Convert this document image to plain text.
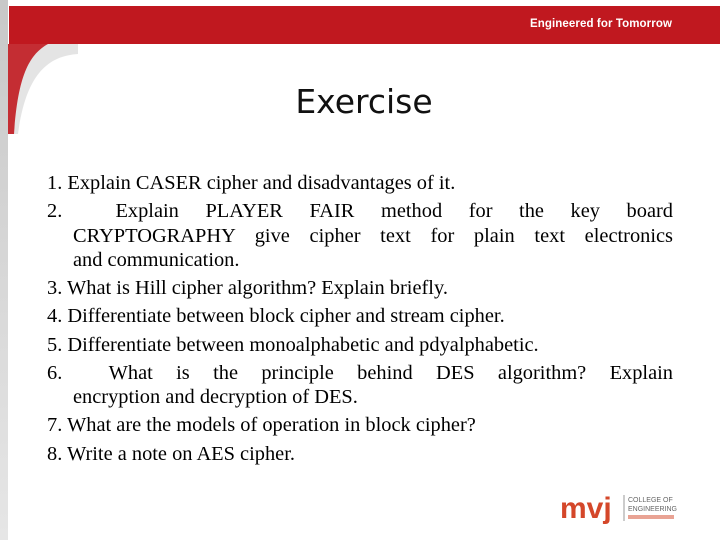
Engineered for Tomorrow
Exercise
1. Explain CASER cipher and disadvantages of it.
2.	Explain PLAYER FAIR method for the key board
CRYPTOGRAPHY give cipher text for plain text electronics
and communication.
3. What is Hill cipher algorithm? Explain briefly.
4. Differentiate between block cipher and stream cipher.
5. Differentiate between monoalphabetic and pdyalphabetic.
6. What is the principle behind DES algorithm? Explain
encryption and decryption of DES.
7. What are the models of operation in block cipher?
8. Write a note on AES cipher.
mvj COLLEGE OF
ENGINEERING
